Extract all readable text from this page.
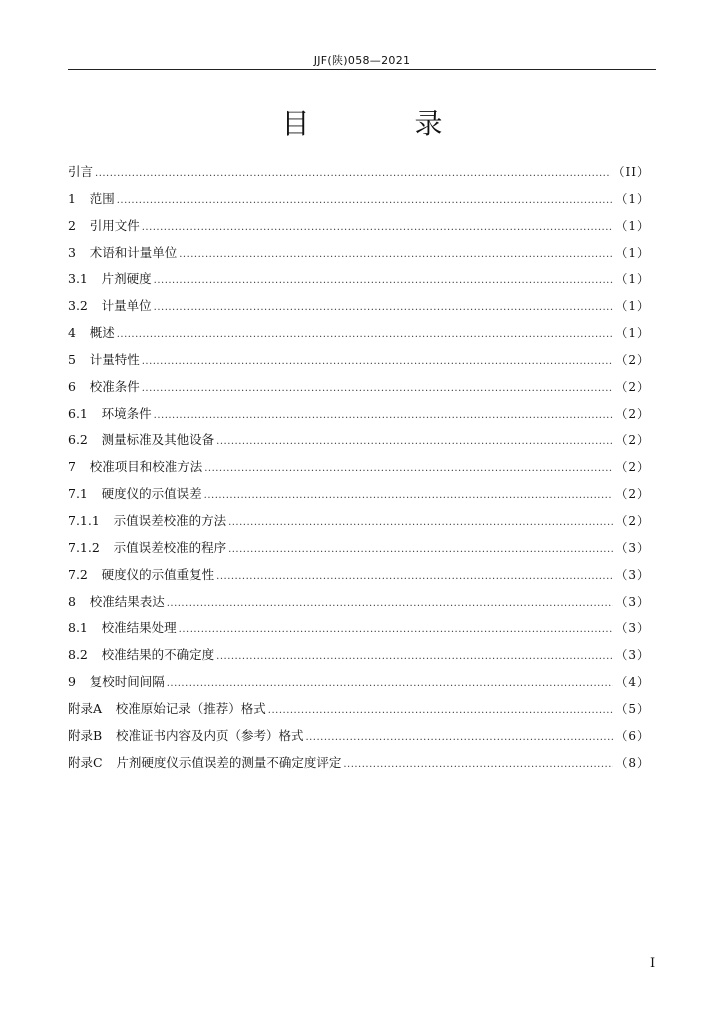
JJF(陕)058—2021
目 录
引言 .....	（II）
1 范围 .....	（1）
2 引用文件 .....	（1）
3 术语和计量单位 .....	（1）
3.1 片剂硬度 .....	（1）
3.2 计量单位 .....	（1）
4 概述 .....	（1）
5 计量特性 .....	（2）
6 校准条件 .....	（2）
6.1 环境条件 .....	（2）
6.2 测量标准及其他设备 .....	（2）
7 校准项目和校准方法 .....	（2）
7.1 硬度仪的示值误差 .....	（2）
7.1.1 示值误差校准的方法 .....	（2）
7.1.2 示值误差校准的程序 .....	（3）
7.2 硬度仪的示值重复性 .....	（3）
8 校准结果表达 .....	（3）
8.1 校准结果处理 .....	（3）
8.2 校准结果的不确定度 .....	（3）
9 复校时间间隔 .....	（4）
附录A 校准原始记录（推荐）格式 .....	（5）
附录B 校准证书内容及内页（参考）格式 .....	（6）
附录C 片剂硬度仪示值误差的测量不确定度评定 .....	（8）
I
